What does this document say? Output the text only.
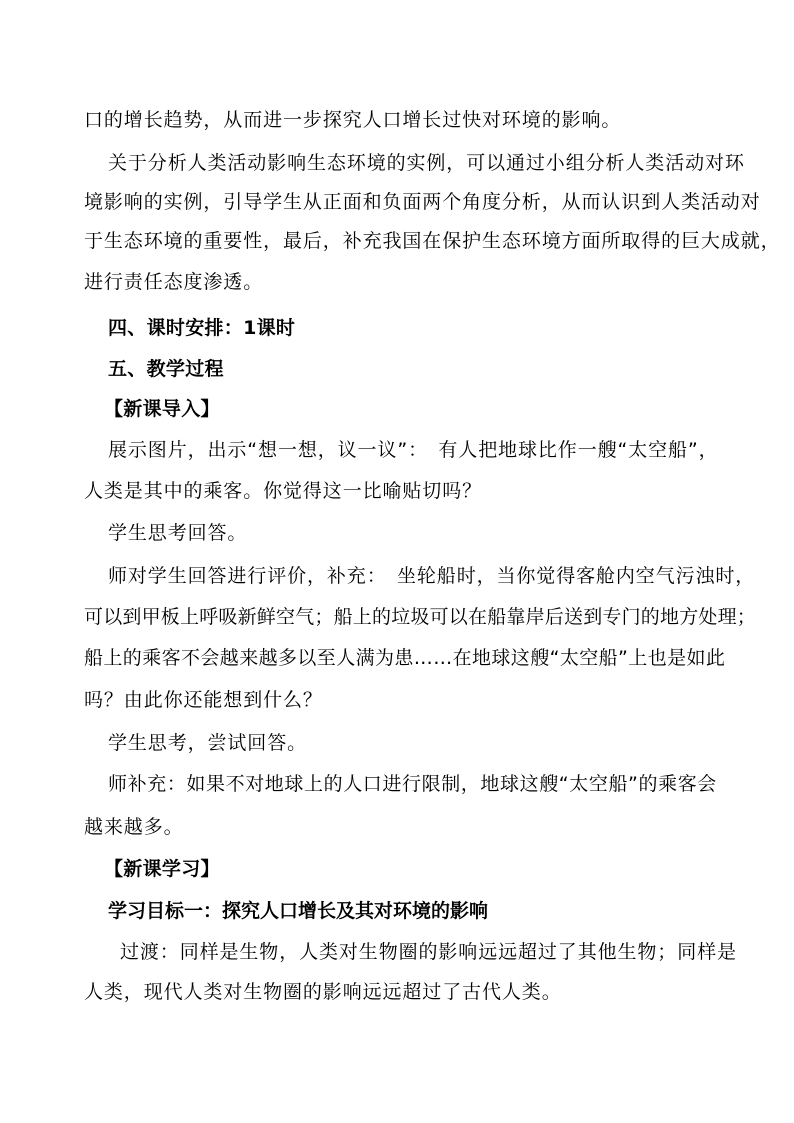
口的增长趋势，从而进一步探究人口增长过快对环境的影响。
关于分析人类活动影响生态环境的实例，可以通过小组分析人类活动对环
境影响的实例，引导学生从正面和负面两个角度分析，从而认识到人类活动对
于生态环境的重要性，最后，补充我国在保护生态环境方面所取得的巨大成就，
进行责任态度渗透。
四、课时安排：1课时
五、教学过程
【新课导入】
展示图片，出示“想一想，议一议”：　有人把地球比作一艘“太空船”，
人类是其中的乘客。你觉得这一比喻贴切吗？
学生思考回答。
师对学生回答进行评价，补充：　坐轮船时，当你觉得客舱内空气污浊时，
可以到甲板上呼吸新鲜空气；船上的垃圾可以在船靠岸后送到专门的地方处理；
船上的乘客不会越来越多以至人满为患……在地球这艘“太空船”上也是如此
吗？由此你还能想到什么？
学生思考，尝试回答。
师补充：如果不对地球上的人口进行限制，地球这艘“太空船”的乘客会
越来越多。
【新课学习】
学习目标一：探究人口增长及其对环境的影响
过渡：同样是生物，人类对生物圈的影响远远超过了其他生物；同样是
人类，现代人类对生物圈的影响远远超过了古代人类。
